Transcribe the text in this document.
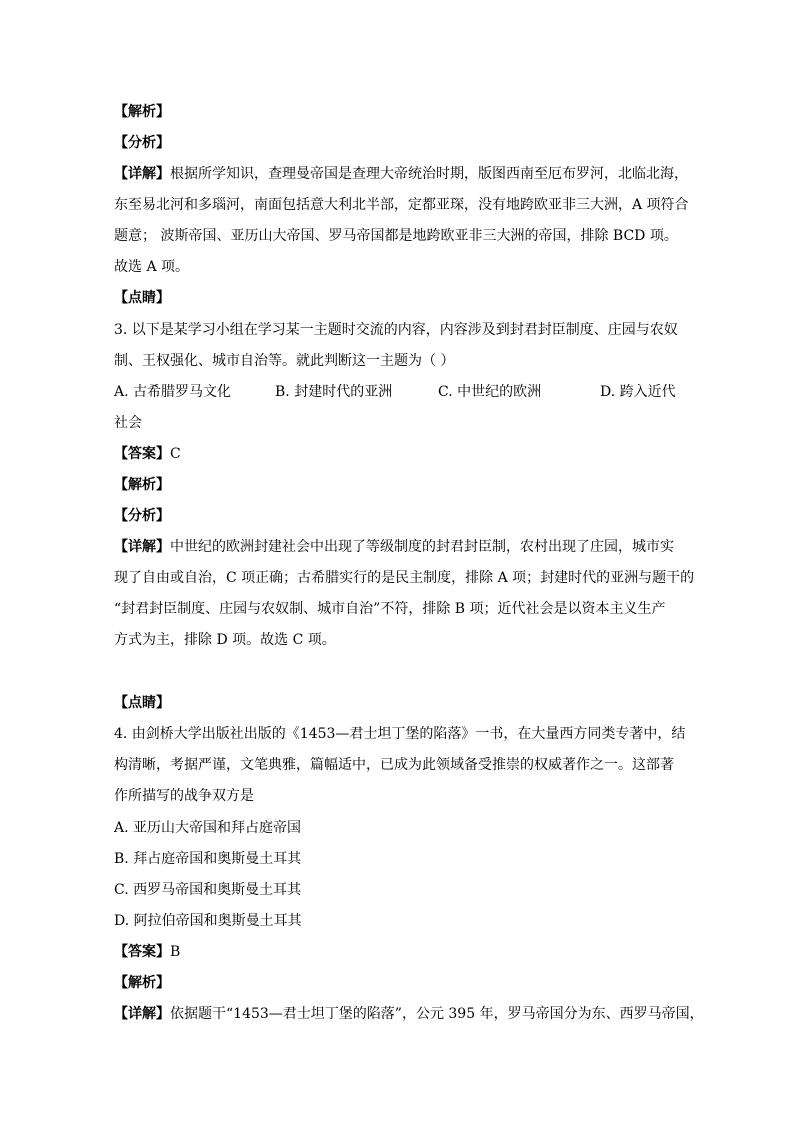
【解析】
【分析】
【详解】根据所学知识，查理曼帝国是查理大帝统治时期，版图西南至厄布罗河，北临北海，
东至易北河和多瑙河，南面包括意大利北半部，定都亚琛，没有地跨欧亚非三大洲，A 项符合
题意； 波斯帝国、亚历山大帝国、罗马帝国都是地跨欧亚非三大洲的帝国，排除 BCD 项。
故选 A 项。
【点睛】
3. 以下是某学习小组在学习某一主题时交流的内容，内容涉及到封君封臣制度、庄园与农奴
制、王权强化、城市自治等。就此判断这一主题为（ ）
A. 古希腊罗马文化	B. 封建时代的亚洲	C. 中世纪的欧洲	D. 跨入近代
社会
【答案】C
【解析】
【分析】
【详解】中世纪的欧洲封建社会中出现了等级制度的封君封臣制，农村出现了庄园，城市实
现了自由或自治，C 项正确；古希腊实行的是民主制度，排除 A 项；封建时代的亚洲与题干的
“封君封臣制度、庄园与农奴制、城市自治”不符，排除 B 项；近代社会是以资本主义生产
方式为主，排除 D 项。故选 C 项。
【点睛】
4. 由剑桥大学出版社出版的《1453—君士坦丁堡的陷落》一书，在大量西方同类专著中，结
构清晰，考据严谨，文笔典雅，篇幅适中，已成为此领域备受推崇的权威著作之一。这部著
作所描写的战争双方是
A. 亚历山大帝国和拜占庭帝国
B. 拜占庭帝国和奥斯曼土耳其
C. 西罗马帝国和奥斯曼土耳其
D. 阿拉伯帝国和奥斯曼土耳其
【答案】B
【解析】
【详解】依据题干“1453—君士坦丁堡的陷落”，公元 395 年，罗马帝国分为东、西罗马帝国，
